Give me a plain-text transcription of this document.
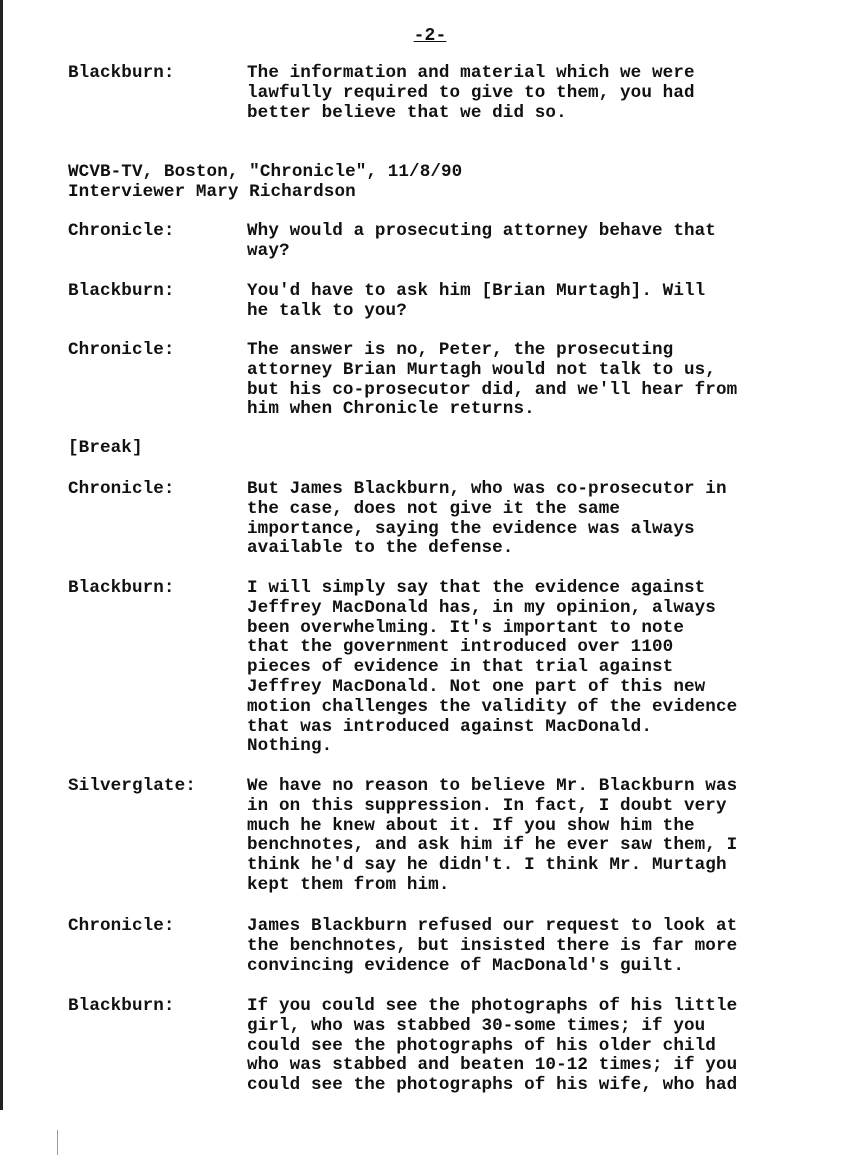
-2-
Blackburn:	The information and material which we were
lawfully required to give to them, you had
better believe that we did so.
WCVB-TV, Boston, "Chronicle", 11/8/90
Interviewer Mary Richardson
Chronicle:	Why would a prosecuting attorney behave that
way?
Blackburn:	You'd have to ask him [Brian Murtagh]. Will
he talk to you?
Chronicle:	The answer is no, Peter, the prosecuting
attorney Brian Murtagh would not talk to us,
but his co-prosecutor did, and we'll hear from
him when Chronicle returns.
[Break]
Chronicle:	But James Blackburn, who was co-prosecutor in
the case, does not give it the same
importance, saying the evidence was always
available to the defense.
Blackburn:	I will simply say that the evidence against
Jeffrey MacDonald has, in my opinion, always
been overwhelming. It's important to note
that the government introduced over 1100
pieces of evidence in that trial against
Jeffrey MacDonald. Not one part of this new
motion challenges the validity of the evidence
that was introduced against MacDonald.
Nothing.
Silverglate:	We have no reason to believe Mr. Blackburn was
in on this suppression. In fact, I doubt very
much he knew about it. If you show him the
benchnotes, and ask him if he ever saw them, I
think he'd say he didn't. I think Mr. Murtagh
kept them from him.
Chronicle:	James Blackburn refused our request to look at
the benchnotes, but insisted there is far more
convincing evidence of MacDonald's guilt.
Blackburn:	If you could see the photographs of his little
girl, who was stabbed 30-some times; if you
could see the photographs of his older child
who was stabbed and beaten 10-12 times; if you
could see the photographs of his wife, who had
